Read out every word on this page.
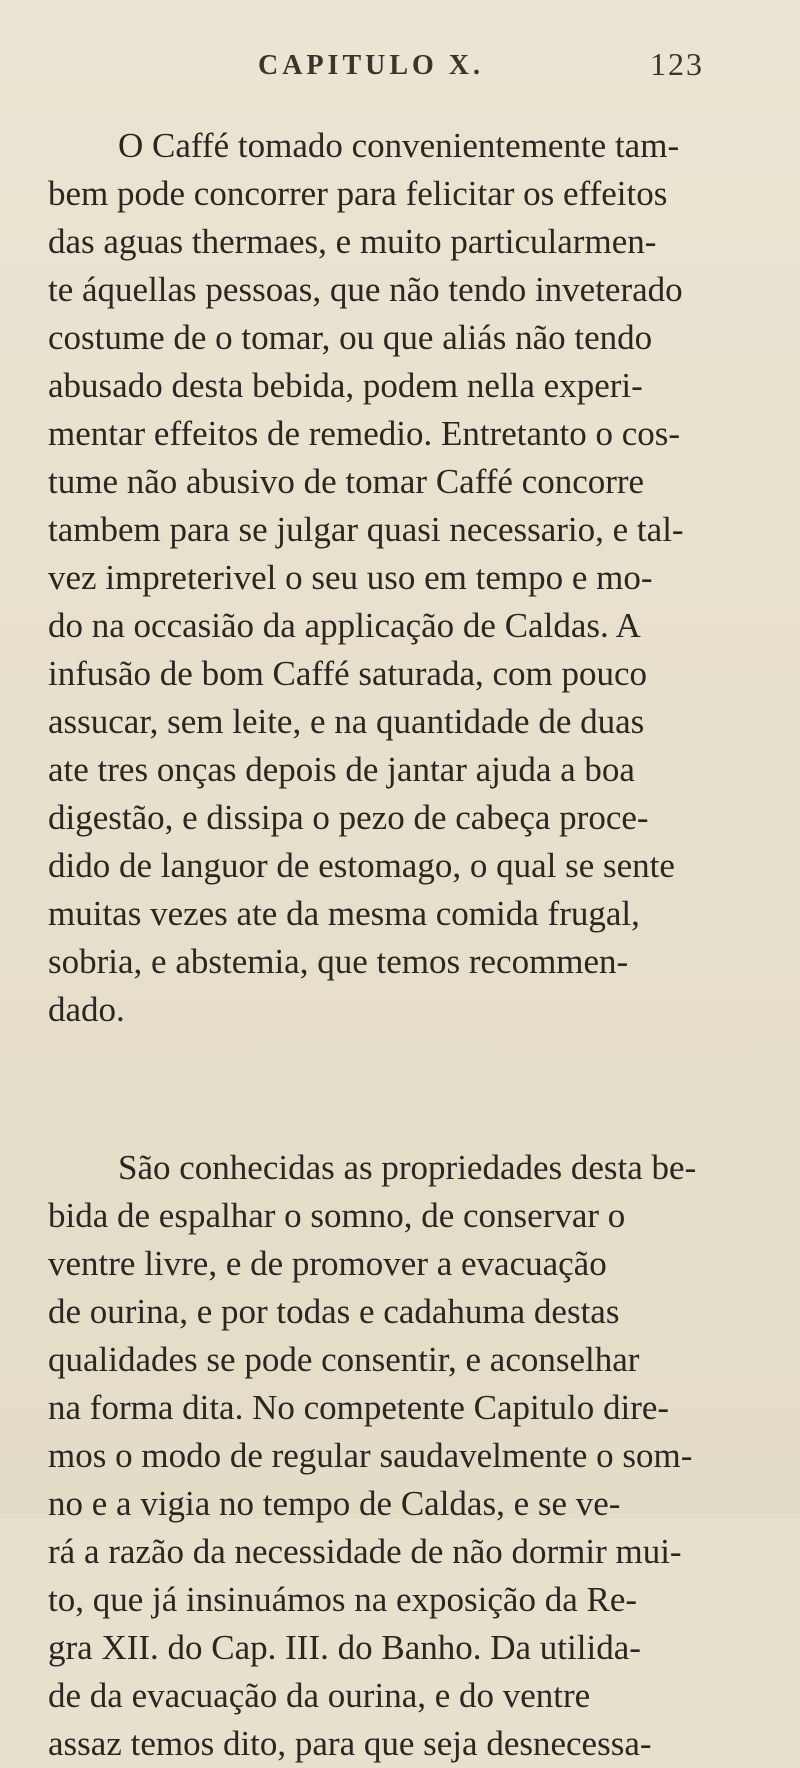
CAPITULO X.	123
O Caffé tomado convenientemente tam-
bem pode concorrer para felicitar os effeitos
das aguas thermaes, e muito particularmen-
te áquellas pessoas, que não tendo inveterado
costume de o tomar, ou que aliás não tendo
abusado desta bebida, podem nella experi-
mentar effeitos de remedio. Entretanto o cos-
tume não abusivo de tomar Caffé concorre
tambem para se julgar quasi necessario, e tal-
vez impreterivel o seu uso em tempo e mo-
do na occasião da applicação de Caldas. A
infusão de bom Caffé saturada, com pouco
assucar, sem leite, e na quantidade de duas
ate tres onças depois de jantar ajuda a boa
digestão, e dissipa o pezo de cabeça proce-
dido de languor de estomago, o qual se sente
muitas vezes ate da mesma comida frugal,
sobria, e abstemia, que temos recommen-
dado.
São conhecidas as propriedades desta be-
bida de espalhar o somno, de conservar o
ventre livre, e de promover a evacuação
de ourina, e por todas e cadahuma destas
qualidades se pode consentir, e aconselhar
na forma dita. No competente Capitulo dire-
mos o modo de regular saudavelmente o som-
no e a vigia no tempo de Caldas, e se ve-
rá a razão da necessidade de não dormir mui-
to, que já insinuámos na exposição da Re-
gra XII. do Cap. III. do Banho. Da utilida-
de da evacuação da ourina, e do ventre
assaz temos dito, para que seja desnecessa-
